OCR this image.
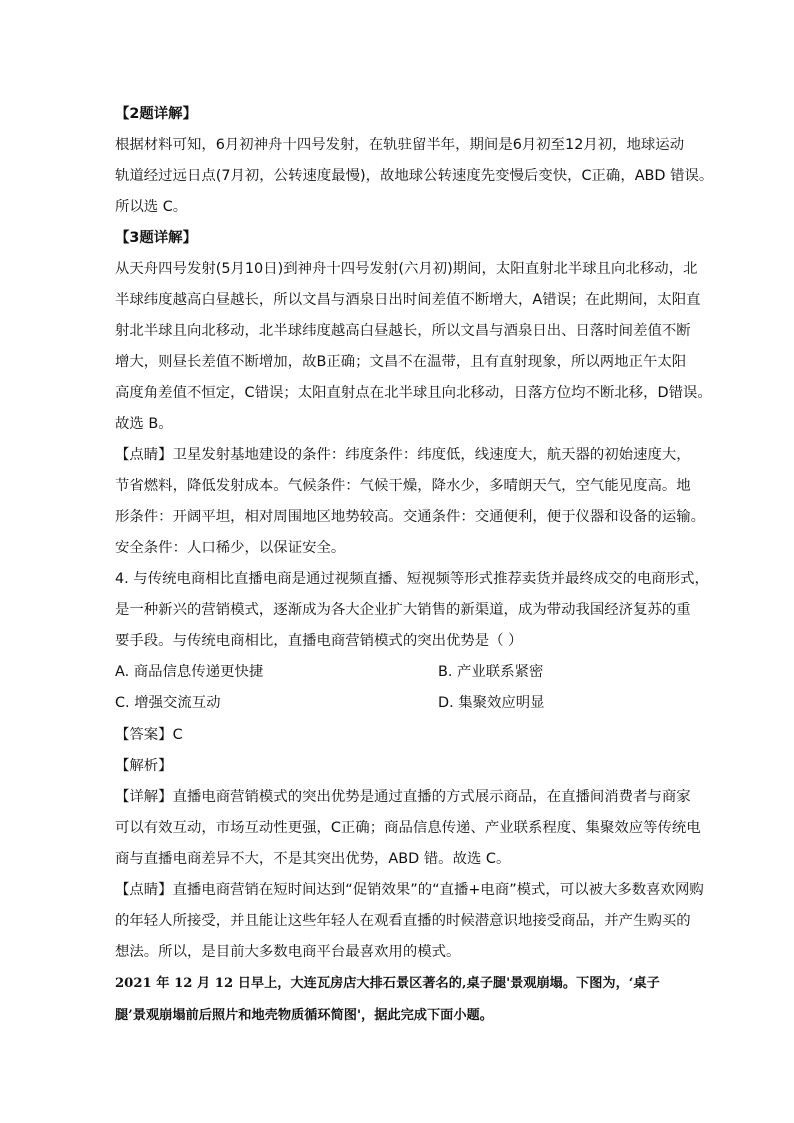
【2题详解】
根据材料可知，6月初神舟十四号发射，在轨驻留半年，期间是6月初至12月初，地球运动
轨道经过远日点(7月初，公转速度最慢)，故地球公转速度先变慢后变快，C正确，ABD 错误。
所以选 C。
【3题详解】
从天舟四号发射(5月10日)到神舟十四号发射(六月初)期间，太阳直射北半球且向北移动，北
半球纬度越高白昼越长，所以文昌与酒泉日出时间差值不断增大，A错误；在此期间，太阳直
射北半球且向北移动，北半球纬度越高白昼越长，所以文昌与酒泉日出、日落时间差值不断
增大，则昼长差值不断增加，故B正确；文昌不在温带，且有直射现象，所以两地正午太阳
高度角差值不恒定，C错误；太阳直射点在北半球且向北移动，日落方位均不断北移，D错误。
故选 B。
【点睛】卫星发射基地建设的条件：纬度条件：纬度低，线速度大，航天器的初始速度大，
节省燃料，降低发射成本。气候条件：气候干燥，降水少，多晴朗天气，空气能见度高。地
形条件：开阔平坦，相对周围地区地势较高。交通条件：交通便利，便于仪器和设备的运输。
安全条件：人口稀少，以保证安全。
4. 与传统电商相比直播电商是通过视频直播、短视频等形式推荐卖货并最终成交的电商形式，
是一种新兴的营销模式，逐渐成为各大企业扩大销售的新渠道，成为带动我国经济复苏的重
要手段。与传统电商相比，直播电商营销模式的突出优势是（ ）
A. 商品信息传递更快捷	B. 产业联系紧密
C. 增强交流互动	D. 集聚效应明显
【答案】C
【解析】
【详解】直播电商营销模式的突出优势是通过直播的方式展示商品，在直播间消费者与商家
可以有效互动，市场互动性更强，C正确；商品信息传递、产业联系程度、集聚效应等传统电
商与直播电商差异不大，不是其突出优势，ABD 错。故选 C。
【点睛】直播电商营销在短时间达到“促销效果”的“直播+电商”模式，可以被大多数喜欢网购
的年轻人所接受，并且能让这些年轻人在观看直播的时候潜意识地接受商品，并产生购买的
想法。所以，是目前大多数电商平台最喜欢用的模式。
2021 年 12 月 12 日早上，大连瓦房店大排石景区著名的‚桌子腿'景观崩塌。下图为，‘桌子
腿’景观崩塌前后照片和地壳物质循环简图'，据此完成下面小题。
